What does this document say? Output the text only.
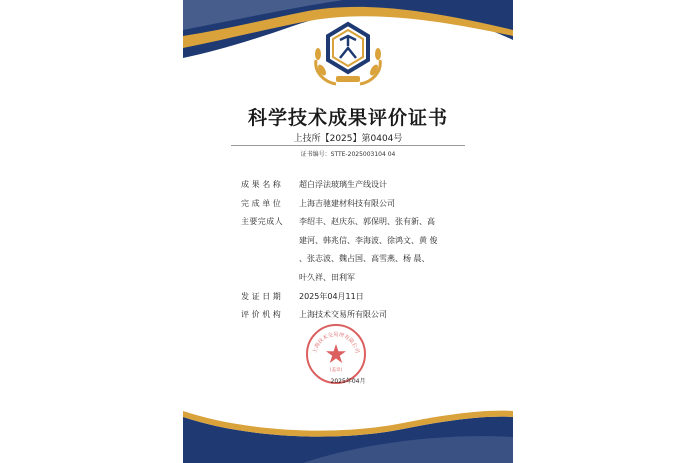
科学技术成果评价证书
上技所【2025】第0404号
证书编号：STTE-2025003104 04
成果名称	超白浮法玻璃生产线设计
完成单位	上海吉驰建材科技有限公司
主要完成人	李绍丰、赵庆东、郭保明、张有新、高
建河、韩兆信、李海波、徐鸿文、黄 俊
、张志波、魏占国、高雪燕、杨 晨、
叶久祥、田利军
发证日期	2025年04月11日
评价机构	上海技术交易所有限公司
上海技术交易所有限公司
(盖章)
2025年04月
